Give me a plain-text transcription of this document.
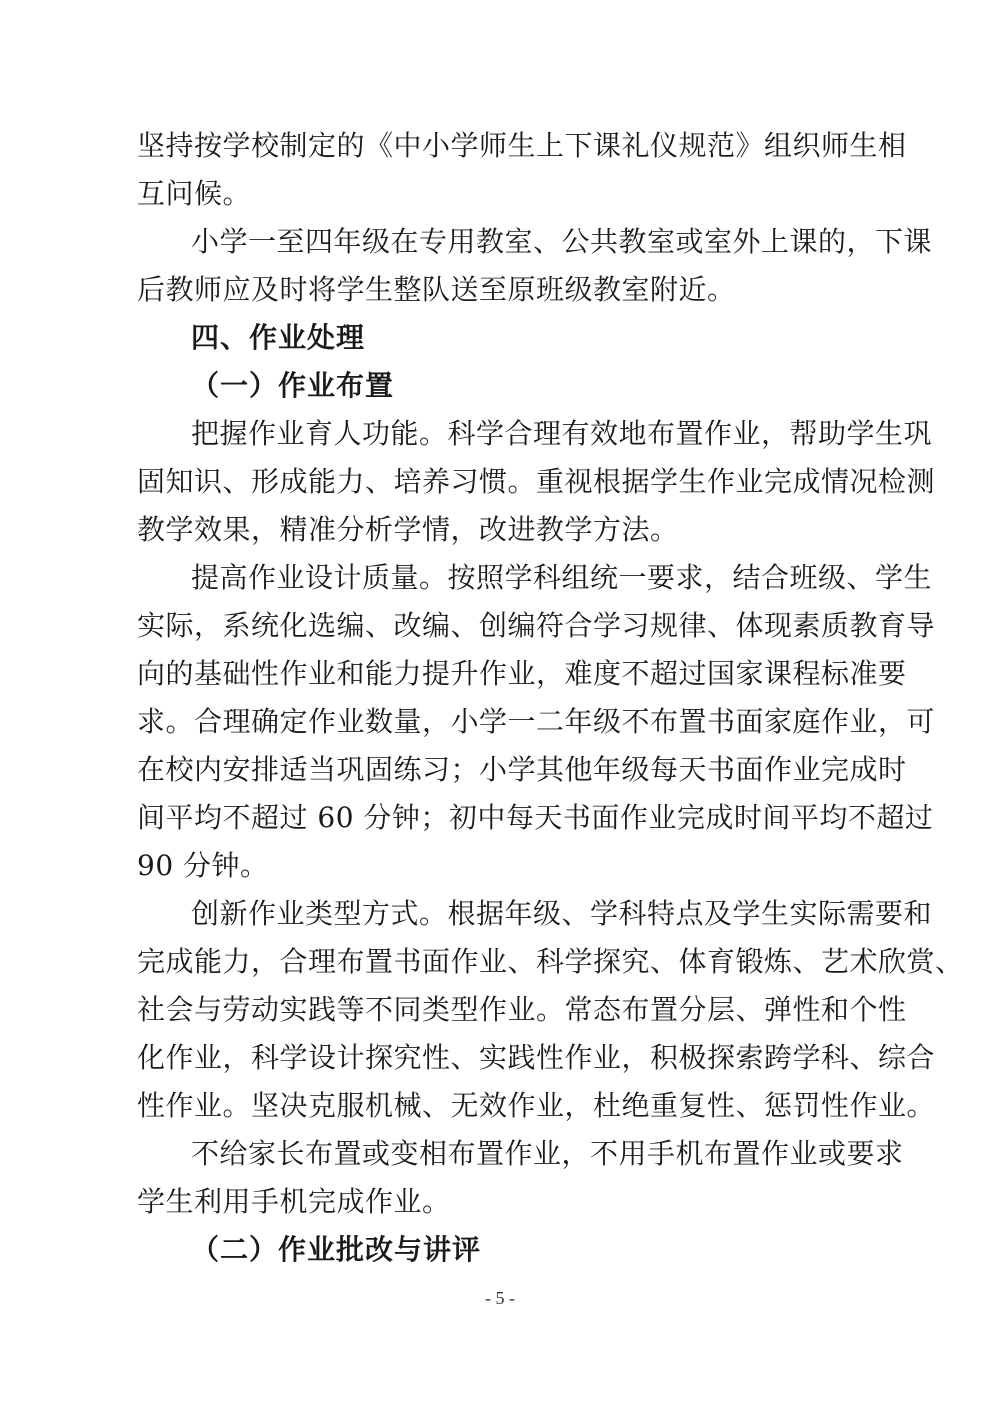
坚持按学校制定的《中小学师生上下课礼仪规范》组织师生相
互问候。
小学一至四年级在专用教室、公共教室或室外上课的，下课
后教师应及时将学生整队送至原班级教室附近。
四、作业处理
（一）作业布置
把握作业育人功能。科学合理有效地布置作业，帮助学生巩
固知识、形成能力、培养习惯。重视根据学生作业完成情况检测
教学效果，精准分析学情，改进教学方法。
提高作业设计质量。按照学科组统一要求，结合班级、学生
实际，系统化选编、改编、创编符合学习规律、体现素质教育导
向的基础性作业和能力提升作业，难度不超过国家课程标准要
求。合理确定作业数量，小学一二年级不布置书面家庭作业，可
在校内安排适当巩固练习；小学其他年级每天书面作业完成时
间平均不超过 60 分钟；初中每天书面作业完成时间平均不超过
90 分钟。
创新作业类型方式。根据年级、学科特点及学生实际需要和
完成能力，合理布置书面作业、科学探究、体育锻炼、艺术欣赏、
社会与劳动实践等不同类型作业。常态布置分层、弹性和个性
化作业，科学设计探究性、实践性作业，积极探索跨学科、综合
性作业。坚决克服机械、无效作业，杜绝重复性、惩罚性作业。
不给家长布置或变相布置作业，不用手机布置作业或要求
学生利用手机完成作业。
（二）作业批改与讲评
- 5 -
